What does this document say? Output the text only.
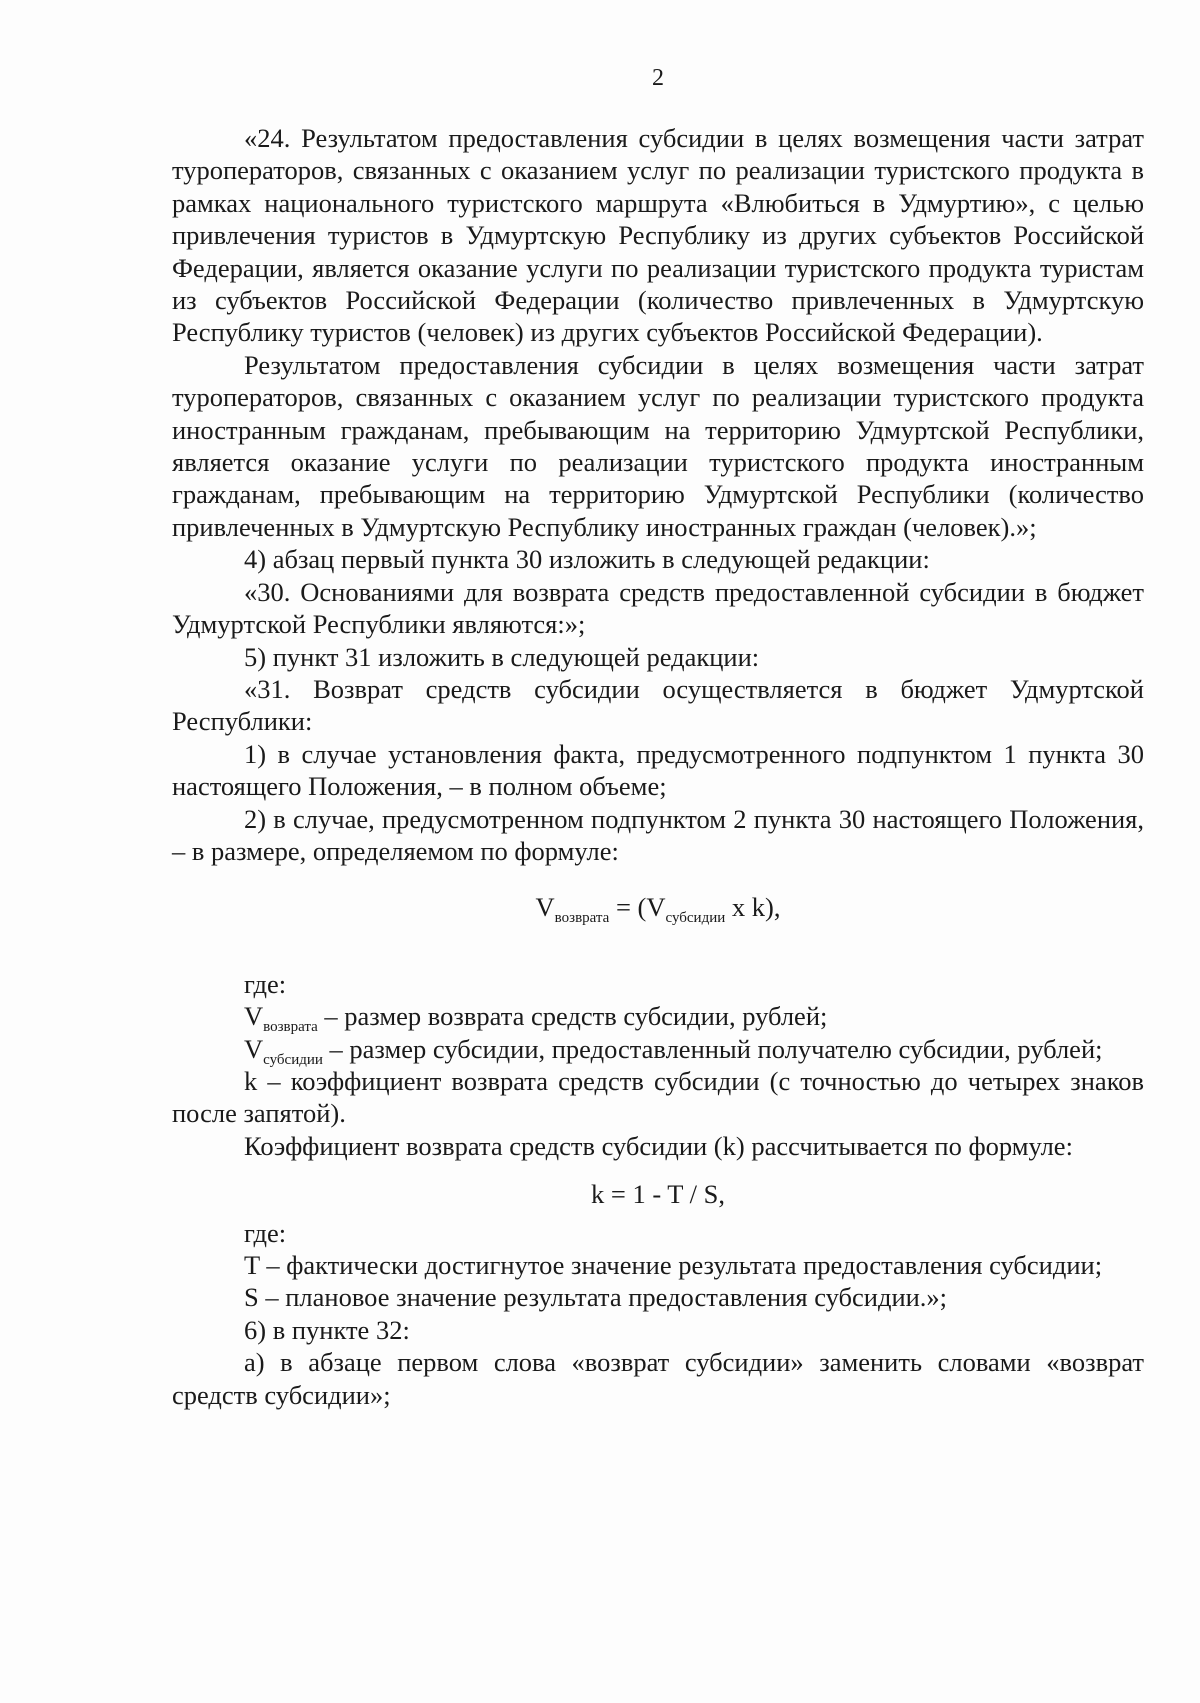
2

«24. Результатом предоставления субсидии в целях возмещения части затрат туроператоров, связанных с оказанием услуг по реализации туристского продукта в рамках национального туристского маршрута «Влюбиться в Удмуртию», с целью привлечения туристов в Удмуртскую Республику из других субъектов Российской Федерации, является оказание услуги по реализации туристского продукта туристам из субъектов Российской Федерации (количество привлеченных в Удмуртскую Республику туристов (человек) из других субъектов Российской Федерации).

Результатом предоставления субсидии в целях возмещения части затрат туроператоров, связанных с оказанием услуг по реализации туристского продукта иностранным гражданам, пребывающим на территорию Удмуртской Республики, является оказание услуги по реализации туристского продукта иностранным гражданам, пребывающим на территорию Удмуртской Республики (количество привлеченных в Удмуртскую Республику иностранных граждан (человек).»;

4) абзац первый пункта 30 изложить в следующей редакции:

«30. Основаниями для возврата средств предоставленной субсидии в бюджет Удмуртской Республики являются:»;

5) пункт 31 изложить в следующей редакции:

«31. Возврат средств субсидии осуществляется в бюджет Удмуртской Республики:

1) в случае установления факта, предусмотренного подпунктом 1 пункта 30 настоящего Положения, – в полном объеме;

2) в случае, предусмотренном подпунктом 2 пункта 30 настоящего Положения, – в размере, определяемом по формуле:

$V_{возврата} = (V_{субсидии}$ x k),

где:

$V_{возврата}$ – размер возврата средств субсидии, рублей;

$V_{субсидии}$ – размер субсидии, предоставленный получателю субсидии, рублей;

k – коэффициент возврата средств субсидии (с точностью до четырех знаков после запятой).

Коэффициент возврата средств субсидии (k) рассчитывается по формуле:

k = 1 - T / S,

где:

T – фактически достигнутое значение результата предоставления субсидии;

S – плановое значение результата предоставления субсидии.»;

6) в пункте 32:

а) в абзаце первом слова «возврат субсидии» заменить словами «возврат средств субсидии»;
